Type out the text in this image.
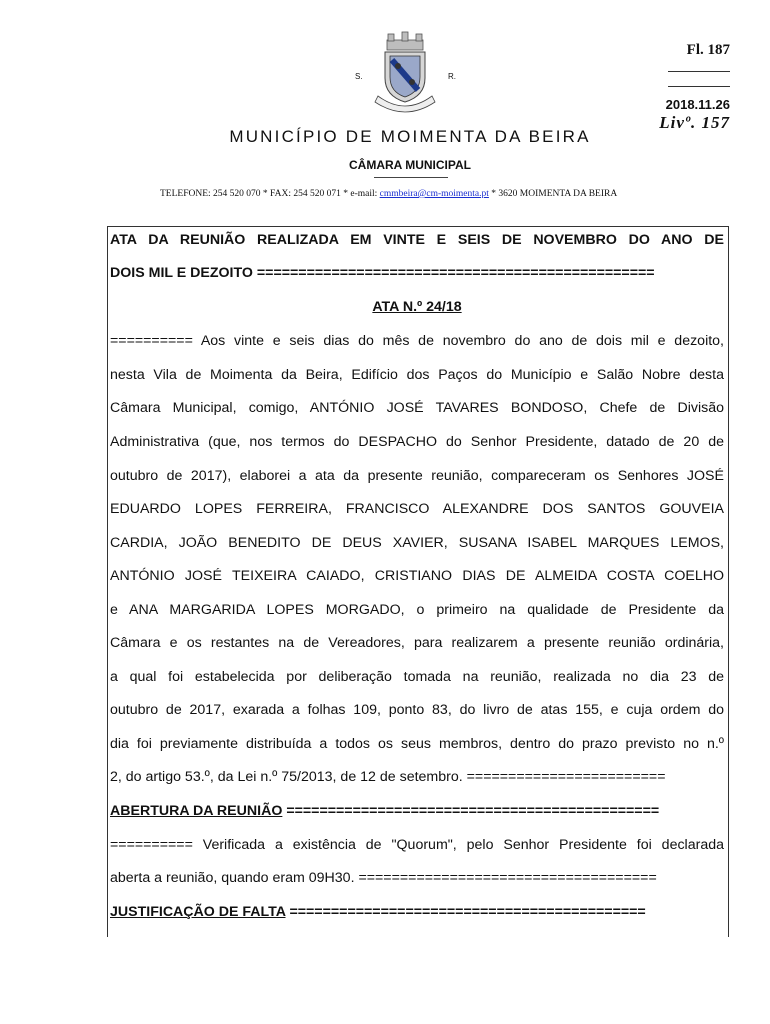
Fl. 187
2018.11.26
Livº. 157
S.	R.
MUNICÍPIO DE MOIMENTA DA BEIRA
CÂMARA MUNICIPAL
TELEFONE: 254 520 070 * FAX: 254 520 071 * e-mail: cmmbeira@cm-moimenta.pt * 3620 MOIMENTA DA BEIRA
ATA DA REUNIÃO REALIZADA EM VINTE E SEIS DE NOVEMBRO DO ANO DE
DOIS MIL E DEZOITO ================================================
ATA N.º 24/18
========== Aos vinte e seis dias do mês de novembro do ano de dois mil e dezoito,
nesta Vila de Moimenta da Beira, Edifício dos Paços do Município e Salão Nobre desta
Câmara Municipal, comigo, ANTÓNIO JOSÉ TAVARES BONDOSO, Chefe de Divisão
Administrativa (que, nos termos do DESPACHO do Senhor Presidente, datado de 20 de
outubro de 2017), elaborei a ata da presente reunião, compareceram os Senhores JOSÉ
EDUARDO LOPES FERREIRA, FRANCISCO ALEXANDRE DOS SANTOS GOUVEIA
CARDIA, JOÃO BENEDITO DE DEUS XAVIER, SUSANA ISABEL MARQUES LEMOS,
ANTÓNIO JOSÉ TEIXEIRA CAIADO, CRISTIANO DIAS DE ALMEIDA COSTA COELHO
e ANA MARGARIDA LOPES MORGADO, o primeiro na qualidade de Presidente da
Câmara e os restantes na de Vereadores, para realizarem a presente reunião ordinária,
a qual foi estabelecida por deliberação tomada na reunião, realizada no dia 23 de
outubro de 2017, exarada a folhas 109, ponto 83, do livro de atas 155, e cuja ordem do
dia foi previamente distribuída a todos os seus membros, dentro do prazo previsto no n.º
2, do artigo 53.º, da Lei n.º 75/2013, de 12 de setembro. ========================
ABERTURA DA REUNIÃO =============================================
========== Verificada a existência de "Quorum", pelo Senhor Presidente foi declarada
aberta a reunião, quando eram 09H30. ====================================
JUSTIFICAÇÃO DE FALTA ===========================================
